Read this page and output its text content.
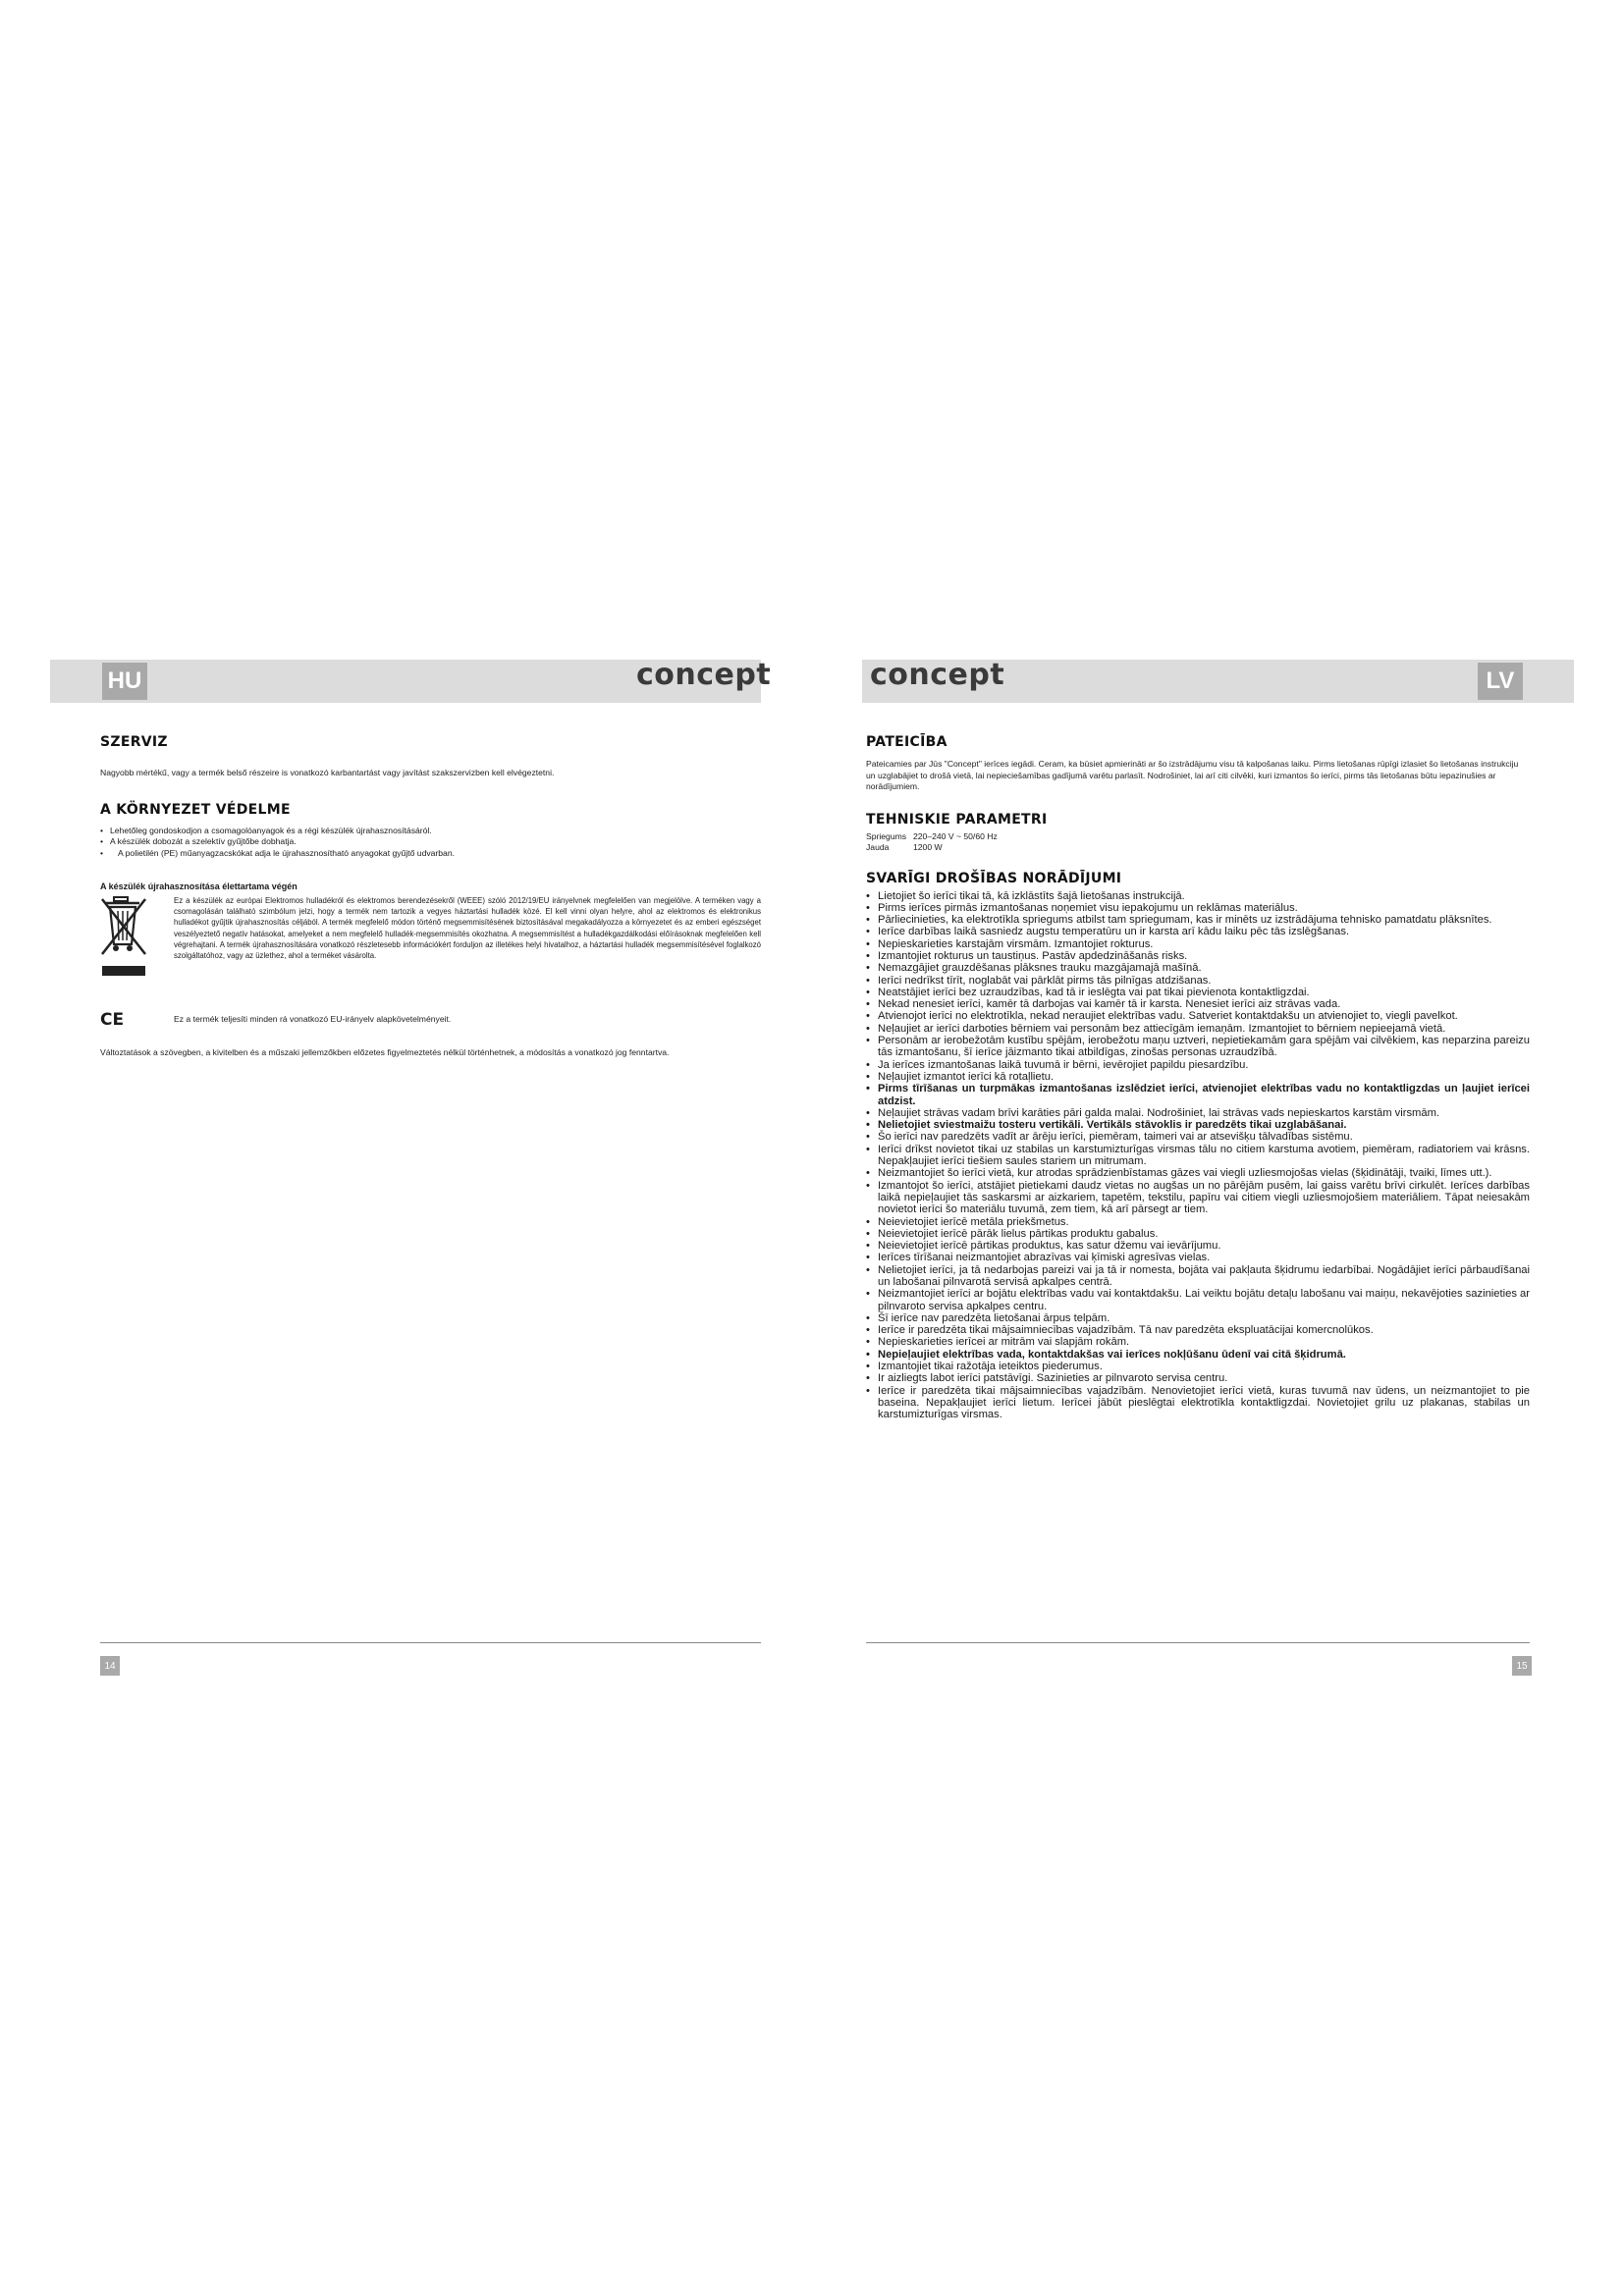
HU	LV
concept	concept
SZERVIZ

Nagyobb mértékű, vagy a termék belső részeire is vonatkozó karbantartást vagy javítást szakszervizben kell elvégeztetni.

A KÖRNYEZET VÉDELME
• Lehetőleg gondoskodjon a csomagolóanyagok és a régi készülék újrahasznosításáról.
• A készülék dobozát a szelektív gyűjtőbe dobhatja.
• A polietilén (PE) műanyagzacskókat adja le újrahasznosítható anyagokat gyűjtő udvarban.
A készülék újrahasznosítása élettartama végén

Ez a készülék az európai Elektromos hulladékról és elektromos berendezésekről (WEEE) szóló 2012/19/EU irányelvnek megfelelően van megjelölve. A terméken vagy a csomagolásán található szimbólum jelzi, hogy a termék nem tartozik a vegyes háztartási hulladék közé. El kell vinni olyan helyre, ahol az elektromos és elektronikus hulladékot gyűjtik újrahasznosítás céljából. A termék megfelelő módon történő megsemmisítésének biztosításával megakadályozza a környezetet és az emberi egészséget veszélyeztető negatív hatásokat, amelyeket a nem megfelelő hulladék-megsemmisítés okozhatna. A megsemmisítést a hulladékgazdálkodási előírásoknak megfelelően kell végrehajtani. A termék újrahasznosítására vonatkozó részletesebb információkért forduljon az illetékes helyi hivatalhoz, a háztartási hulladék megsemmisítésével foglalkozó szolgáltatóhoz, vagy az üzlethez, ahol a terméket vásárolta.

CE	Ez a termék teljesíti minden rá vonatkozó EU-irányelv alapkövetelményeit.

Változtatások a szövegben, a kivitelben és a műszaki jellemzőkben előzetes figyelmeztetés nélkül történhetnek, a módosítás a vonatkozó jog fenntartva.

PATEICĪBA

Pateicamies par Jūs "Concept" ierīces iegādi. Ceram, ka būsiet apmierināti ar šo izstrādājumu visu tā kalpošanas laiku. Pirms lietošanas rūpīgi izlasiet šo lietošanas instrukciju un uzglabājiet to drošā vietā, lai nepieciešamības gadījumā varētu parlasīt. Nodrošiniet, lai arī citi cilvēki, kuri izmantos šo ierīci, pirms tās lietošanas būtu iepazinušies ar norādījumiem.

TEHNISKIE PARAMETRI
Spriegums 220–240 V ~ 50/60 Hz
Jauda	1200 W
SVARĪGI DROŠĪBAS NORĀDĪJUMI
• Lietojiet šo ierīci tikai tā, kā izklāstīts šajā lietošanas instrukcijā.
• Pirms ierīces pirmās izmantošanas noņemiet visu iepakojumu un reklāmas materiālus.
• Pārliecinieties, ka elektrotīkla spriegums atbilst tam spriegumam, kas ir minēts uz izstrādājuma tehnisko pamatdatu plāksnītes.
• Ierīce darbības laikā sasniedz augstu temperatūru un ir karsta arī kādu laiku pēc tās izslēgšanas.
• Nepieskarieties karstajām virsmām. Izmantojiet rokturus.
• Izmantojiet rokturus un taustiņus. Pastāv apdedzināšanās risks.
• Nemazgājiet grauzdēšanas plāksnes trauku mazgājamajā mašīnā.
• Ierīci nedrīkst tīrīt, noglabāt vai pārklāt pirms tās pilnīgas atdzišanas.
• Neatstājiet ierīci bez uzraudzības, kad tā ir ieslēgta vai pat tikai pievienota kontaktligzdai.
• Nekad nenesiet ierīci, kamēr tā darbojas vai kamēr tā ir karsta. Nenesiet ierīci aiz strāvas vada.
• Atvienojot ierīci no elektrotīkla, nekad neraujiet elektrības vadu. Satveriet kontaktdakšu un atvienojiet to, viegli pavelkot.
• Neļaujiet ar ierīci darboties bērniem vai personām bez attiecīgām iemaņām. Izmantojiet to bērniem nepieejamā vietā.
• Personām ar ierobežotām kustību spējām, ierobežotu maņu uztveri, nepietiekamām gara spējām vai cilvēkiem, kas neparzina pareizu tās izmantošanu, šī ierīce jāizmanto tikai atbildīgas, zinošas personas uzraudzībā.
• Ja ierīces izmantošanas laikā tuvumā ir bērni, ievērojiet papildu piesardzību.
• Neļaujiet izmantot ierīci kā rotaļlietu.
• Pirms tīrīšanas un turpmākas izmantošanas izslēdziet ierīci, atvienojiet elektrības vadu no kontaktligzdas un ļaujiet ierīcei atdzist.
• Neļaujiet strāvas vadam brīvi karāties pāri galda malai. Nodrošiniet, lai strāvas vads nepieskartos karstām virsmām.
• Nelietojiet sviestmaižu tosteru vertikāli. Vertikāls stāvoklis ir paredzēts tikai uzglabāšanai.
• Šo ierīci nav paredzēts vadīt ar ārēju ierīci, piemēram, taimeri vai ar atsevišķu tālvadības sistēmu.
• Ierīci drīkst novietot tikai uz stabilas un karstumizturīgas virsmas tālu no citiem karstuma avotiem, piemēram, radiatoriem vai krāsns. Nepakļaujiet ierīci tiešiem saules stariem un mitrumam.
• Neizmantojiet šo ierīci vietā, kur atrodas sprādzienbīstamas gāzes vai viegli uzliesmojošas vielas (šķidinātāji, tvaiki, līmes utt.).
• Izmantojot šo ierīci, atstājiet pietiekami daudz vietas no augšas un no pārējām pusēm, lai gaiss varētu brīvi cirkulēt. Ierīces darbības laikā nepieļaujiet tās saskarsmi ar aizkariem, tapetēm, tekstilu, papīru vai citiem viegli uzliesmojošiem materiāliem. Tāpat neiesakām novietot ierīci šo materiālu tuvumā, zem tiem, kā arī pārsegt ar tiem.
• Neievietojiet ierīcē metāla priekšmetus.
• Neievietojiet ierīcē pārāk lielus pārtikas produktu gabalus.
• Neievietojiet ierīcē pārtikas produktus, kas satur džemu vai ievārījumu.
• Ierīces tīrīšanai neizmantojiet abrazīvas vai ķīmiski agresīvas vielas.
• Nelietojiet ierīci, ja tā nedarbojas pareizi vai ja tā ir nomesta, bojāta vai pakļauta šķidrumu iedarbībai. Nogādājiet ierīci pārbaudīšanai un labošanai pilnvarotā servisā apkalpes centrā.
• Neizmantojiet ierīci ar bojātu elektrības vadu vai kontaktdakšu. Lai veiktu bojātu detaļu labošanu vai maiņu, nekavējoties sazinieties ar pilnvaroto servisa apkalpes centru.
• Šī ierīce nav paredzēta lietošanai ārpus telpām.
• Ierīce ir paredzēta tikai mājsaimniecības vajadzībām. Tā nav paredzēta ekspluatācijai komercnolūkos.
• Nepieskarieties ierīcei ar mitrām vai slapjām rokām.
• Nepieļaujiet elektrības vada, kontaktdakšas vai ierīces nokļūšanu ūdenī vai citā šķidrumā.
• Izmantojiet tikai ražotāja ieteiktos piederumus.
• Ir aizliegts labot ierīci patstāvīgi. Sazinieties ar pilnvaroto servisa centru.
• Ierīce ir paredzēta tikai mājsaimniecības vajadzībām. Nenovietojiet ierīci vietā, kuras tuvumā nav ūdens, un neizmantojiet to pie baseina. Nepakļaujiet ierīci lietum. Ierīcei jābūt pieslēgtai elektrotīkla kontaktligzdai. Novietojiet grilu uz plakanas, stabilas un karstumizturīgas virsmas.
14	15
